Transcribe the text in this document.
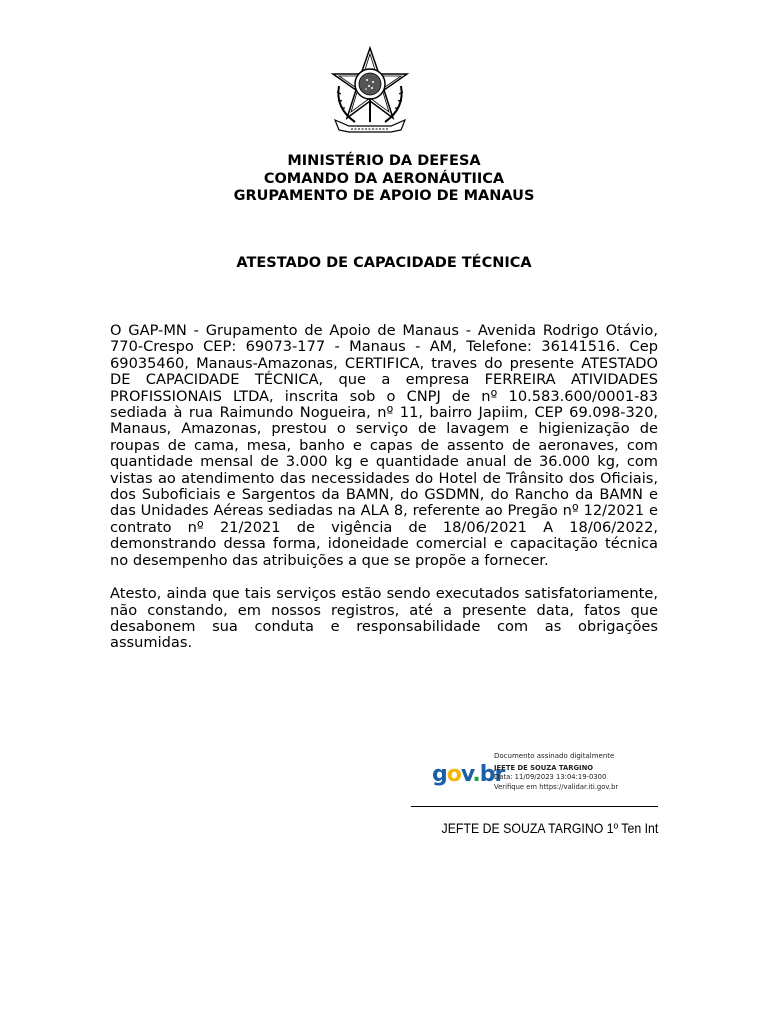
MINISTÉRIO DA DEFESA
COMANDO DA AERONÁUTIICA
GRUPAMENTO DE APOIO DE MANAUS
ATESTADO DE CAPACIDADE TÉCNICA

O GAP-MN - Grupamento de Apoio de Manaus - Avenida Rodrigo Otávio, 770-Crespo CEP: 69073-177 - Manaus - AM, Telefone: 36141516. Cep 69035460, Manaus-Amazonas, CERTIFICA, traves do presente ATESTADO DE CAPACIDADE TÉCNICA, que a empresa FERREIRA ATIVIDADES PROFISSIONAIS LTDA, inscrita sob o CNPJ de nº 10.583.600/0001-83 sediada à rua Raimundo Nogueira, nº 11, bairro Japiim, CEP 69.098-320, Manaus, Amazonas, prestou o serviço de lavagem e higienização de roupas de cama, mesa, banho e capas de assento de aeronaves, com quantidade mensal de 3.000 kg e quantidade anual de 36.000 kg, com vistas ao atendimento das necessidades do Hotel de Trânsito dos Oficiais, dos Suboficiais e Sargentos da BAMN, do GSDMN, do Rancho da BAMN e das Unidades Aéreas sediadas na ALA 8, referente ao Pregão nº 12/2021 e contrato nº 21/2021 de vigência de 18/06/2021 A 18/06/2022, demonstrando dessa forma, idoneidade comercial e capacitação técnica no desempenho das atribuições a que se propõe a fornecer.

Atesto, ainda que tais serviços estão sendo executados satisfatoriamente, não constando, em nossos registros, até a presente data, fatos que desabonem sua conduta e responsabilidade com as obrigações assumidas.

gov.br
Documento assinado digitalmente
JEFTE DE SOUZA TARGINO
Data: 11/09/2023 13:04:19-0300
Verifique em https://validar.iti.gov.br
JEFTE DE SOUZA TARGINO 1º Ten Int
